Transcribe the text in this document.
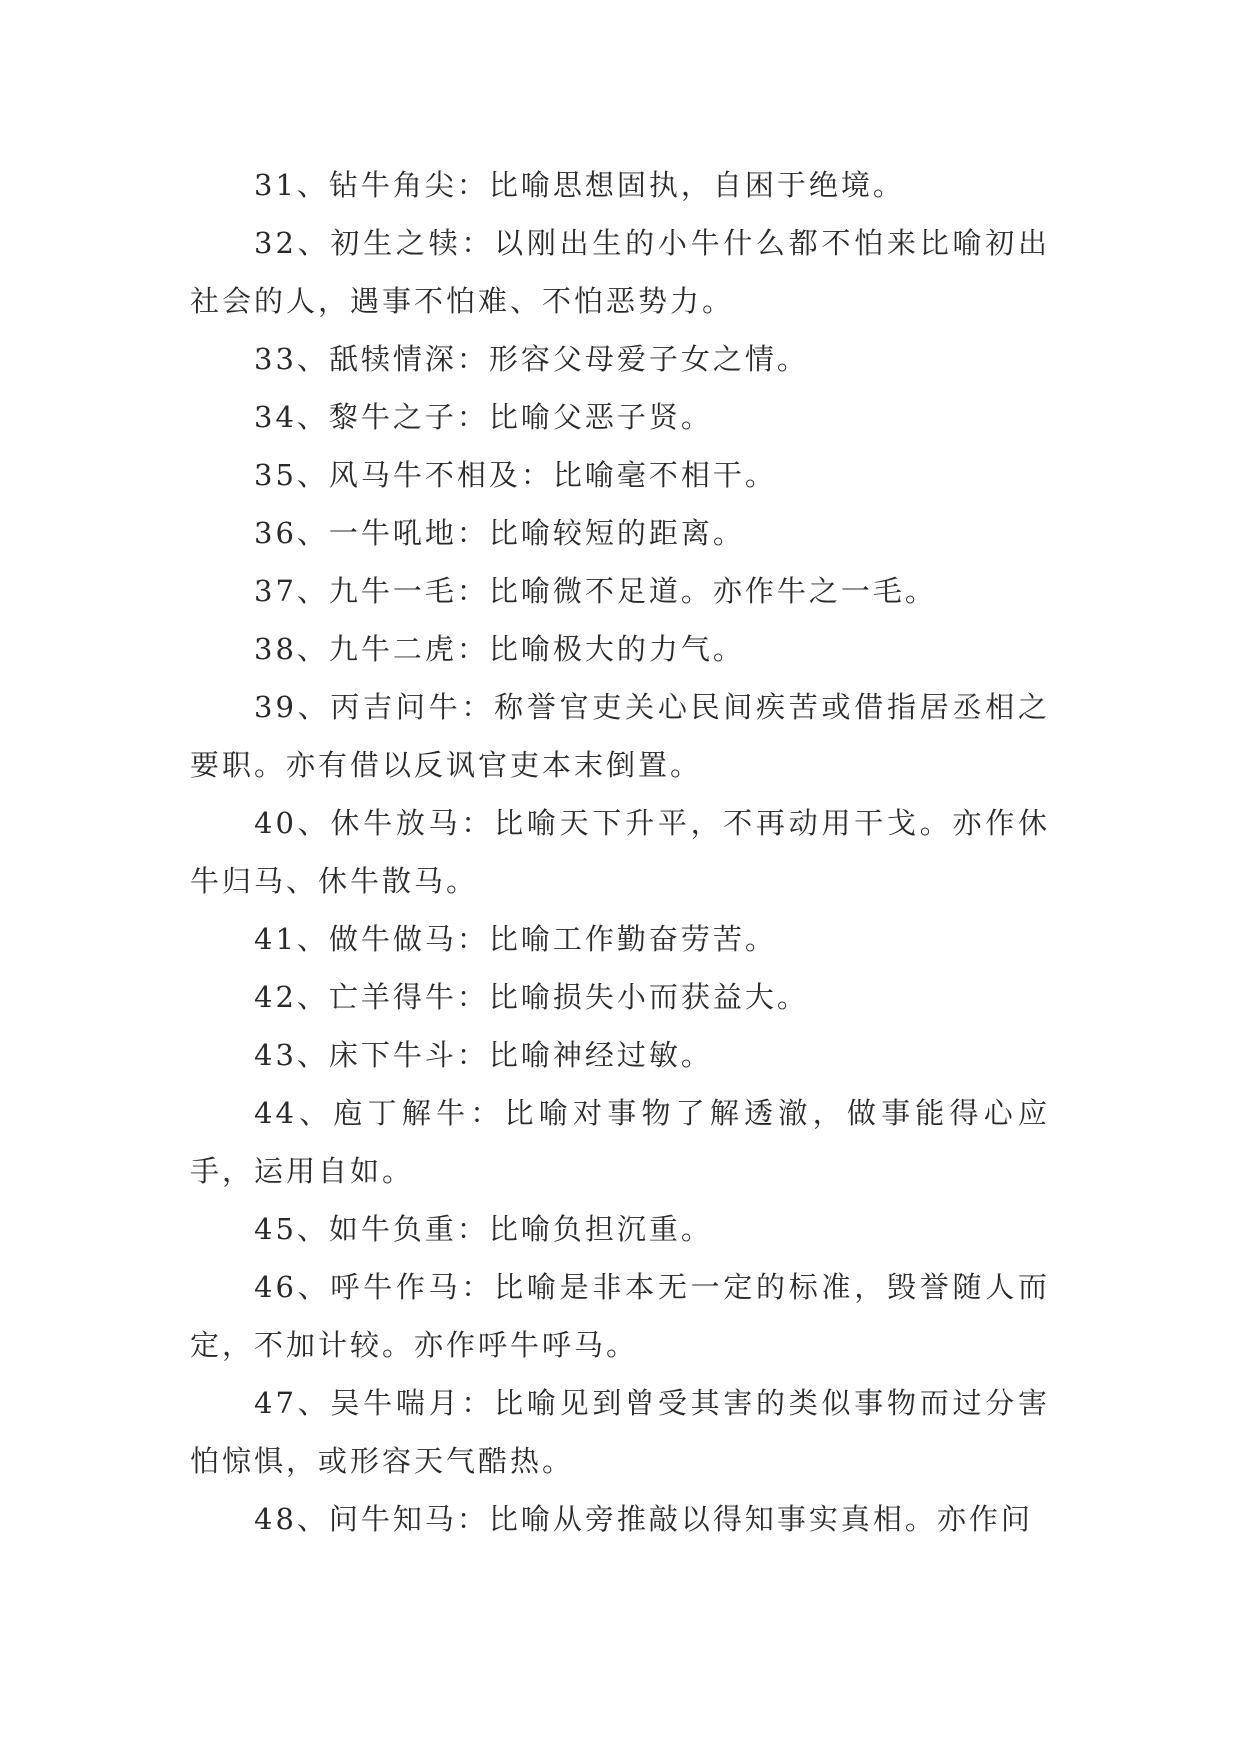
31、钻牛角尖：比喻思想固执，自困于绝境。

32、初生之犊：以刚出生的小牛什么都不怕来比喻初出社会的人，遇事不怕难、不怕恶势力。

33、舐犊情深：形容父母爱子女之情。

34、黎牛之子：比喻父恶子贤。

35、风马牛不相及：比喻毫不相干。

36、一牛吼地：比喻较短的距离。

37、九牛一毛：比喻微不足道。亦作牛之一毛。

38、九牛二虎：比喻极大的力气。

39、丙吉问牛：称誉官吏关心民间疾苦或借指居丞相之要职。亦有借以反讽官吏本末倒置。

40、休牛放马：比喻天下升平，不再动用干戈。亦作休牛归马、休牛散马。

41、做牛做马：比喻工作勤奋劳苦。

42、亡羊得牛：比喻损失小而获益大。

43、床下牛斗：比喻神经过敏。

44、庖丁解牛：比喻对事物了解透澈，做事能得心应手，运用自如。

45、如牛负重：比喻负担沉重。

46、呼牛作马：比喻是非本无一定的标准，毁誉随人而定，不加计较。亦作呼牛呼马。

47、吴牛喘月：比喻见到曾受其害的类似事物而过分害怕惊惧，或形容天气酷热。

48、问牛知马：比喻从旁推敲以得知事实真相。亦作问
